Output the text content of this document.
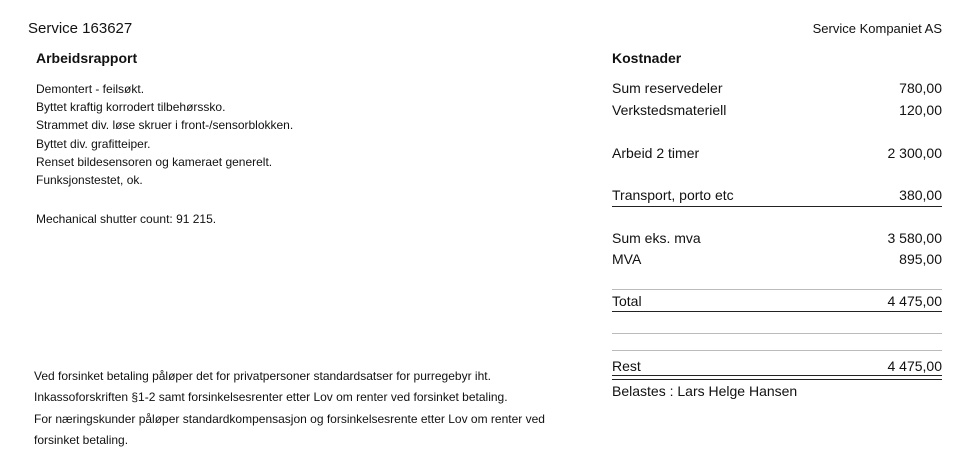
Service 163627	Service Kompaniet AS
Arbeidsrapport	Kostnader
Demontert - feilsøkt.
Byttet kraftig korrodert tilbehørssko.
Strammet div. løse skruer i front-/sensorblokken.
Byttet div. grafitteiper.
Renset bildesensoren og kameraet generelt.
Funksjonstestet, ok.
Mechanical shutter count: 91 215.
Sum reservedeler	780,00
Verkstedsmateriell	120,00
Arbeid 2 timer	2 300,00
Transport, porto etc	380,00
Sum eks. mva	3 580,00
MVA	895,00
Total	4 475,00
Rest	4 475,00
Belastes : Lars Helge Hansen
Ved forsinket betaling påløper det for privatpersoner standardsatser for purregebyr iht.
Inkassoforskriften §1-2 samt forsinkelsesrenter etter Lov om renter ved forsinket betaling.
For næringskunder påløper standardkompensasjon og forsinkelsesrente etter Lov om renter ved
forsinket betaling.
